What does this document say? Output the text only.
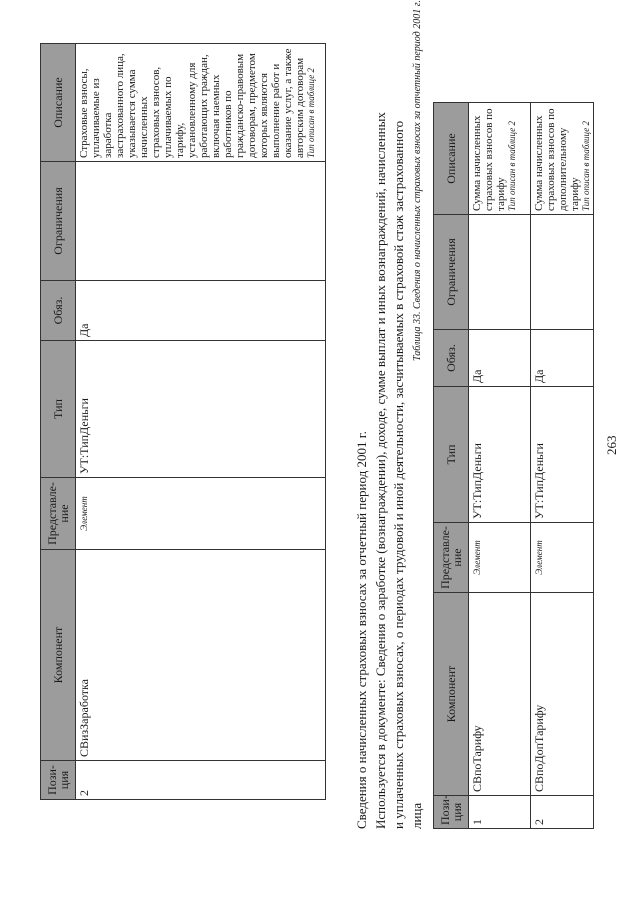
263
Пози-ция	Компонент	Представле-ние	Тип	Обяз.	Ограничения	Описание
2	СВизЗаработка	Элемент	УТ:ТипДеньги	Да		Страховые взносы, уплачиваемые из заработка застрахованного лица, указывается сумма начисленных страховых взносов, уплачиваемых по тарифу, установленному для работающих граждан, включая наемных работников по гражданско-правовым договорам, предметом которых являются выполнение работ и оказание услуг, а также авторским договорам Тип описан в таблице 2
Сведения о начисленных страховых взносах за отчетный период 2001 г. Используется в документе: Сведения о заработке (вознаграждении), доходе, сумме выплат и иных вознаграждений, начисленных и уплаченных страховых взносах, о периодах трудовой и иной деятельности, засчитываемых в страховой стаж застрахованного лица
Таблица 33. Сведения о начисленных страховых взносах за отчетный период 2001 г.
Пози-ция	Компонент	Представле-ние	Тип	Обяз.	Ограничения	Описание
1	СВпоТарифу	Элемент	УТ:ТипДеньги	Да		Сумма начисленных страховых взносов по тарифу Тип описан в таблице 2

2	СВпоДопТарифу	Элемент	УТ:ТипДеньги	Да		Сумма начисленных страховых взносов по дополнительному тарифу Тип описан в таблице 2
